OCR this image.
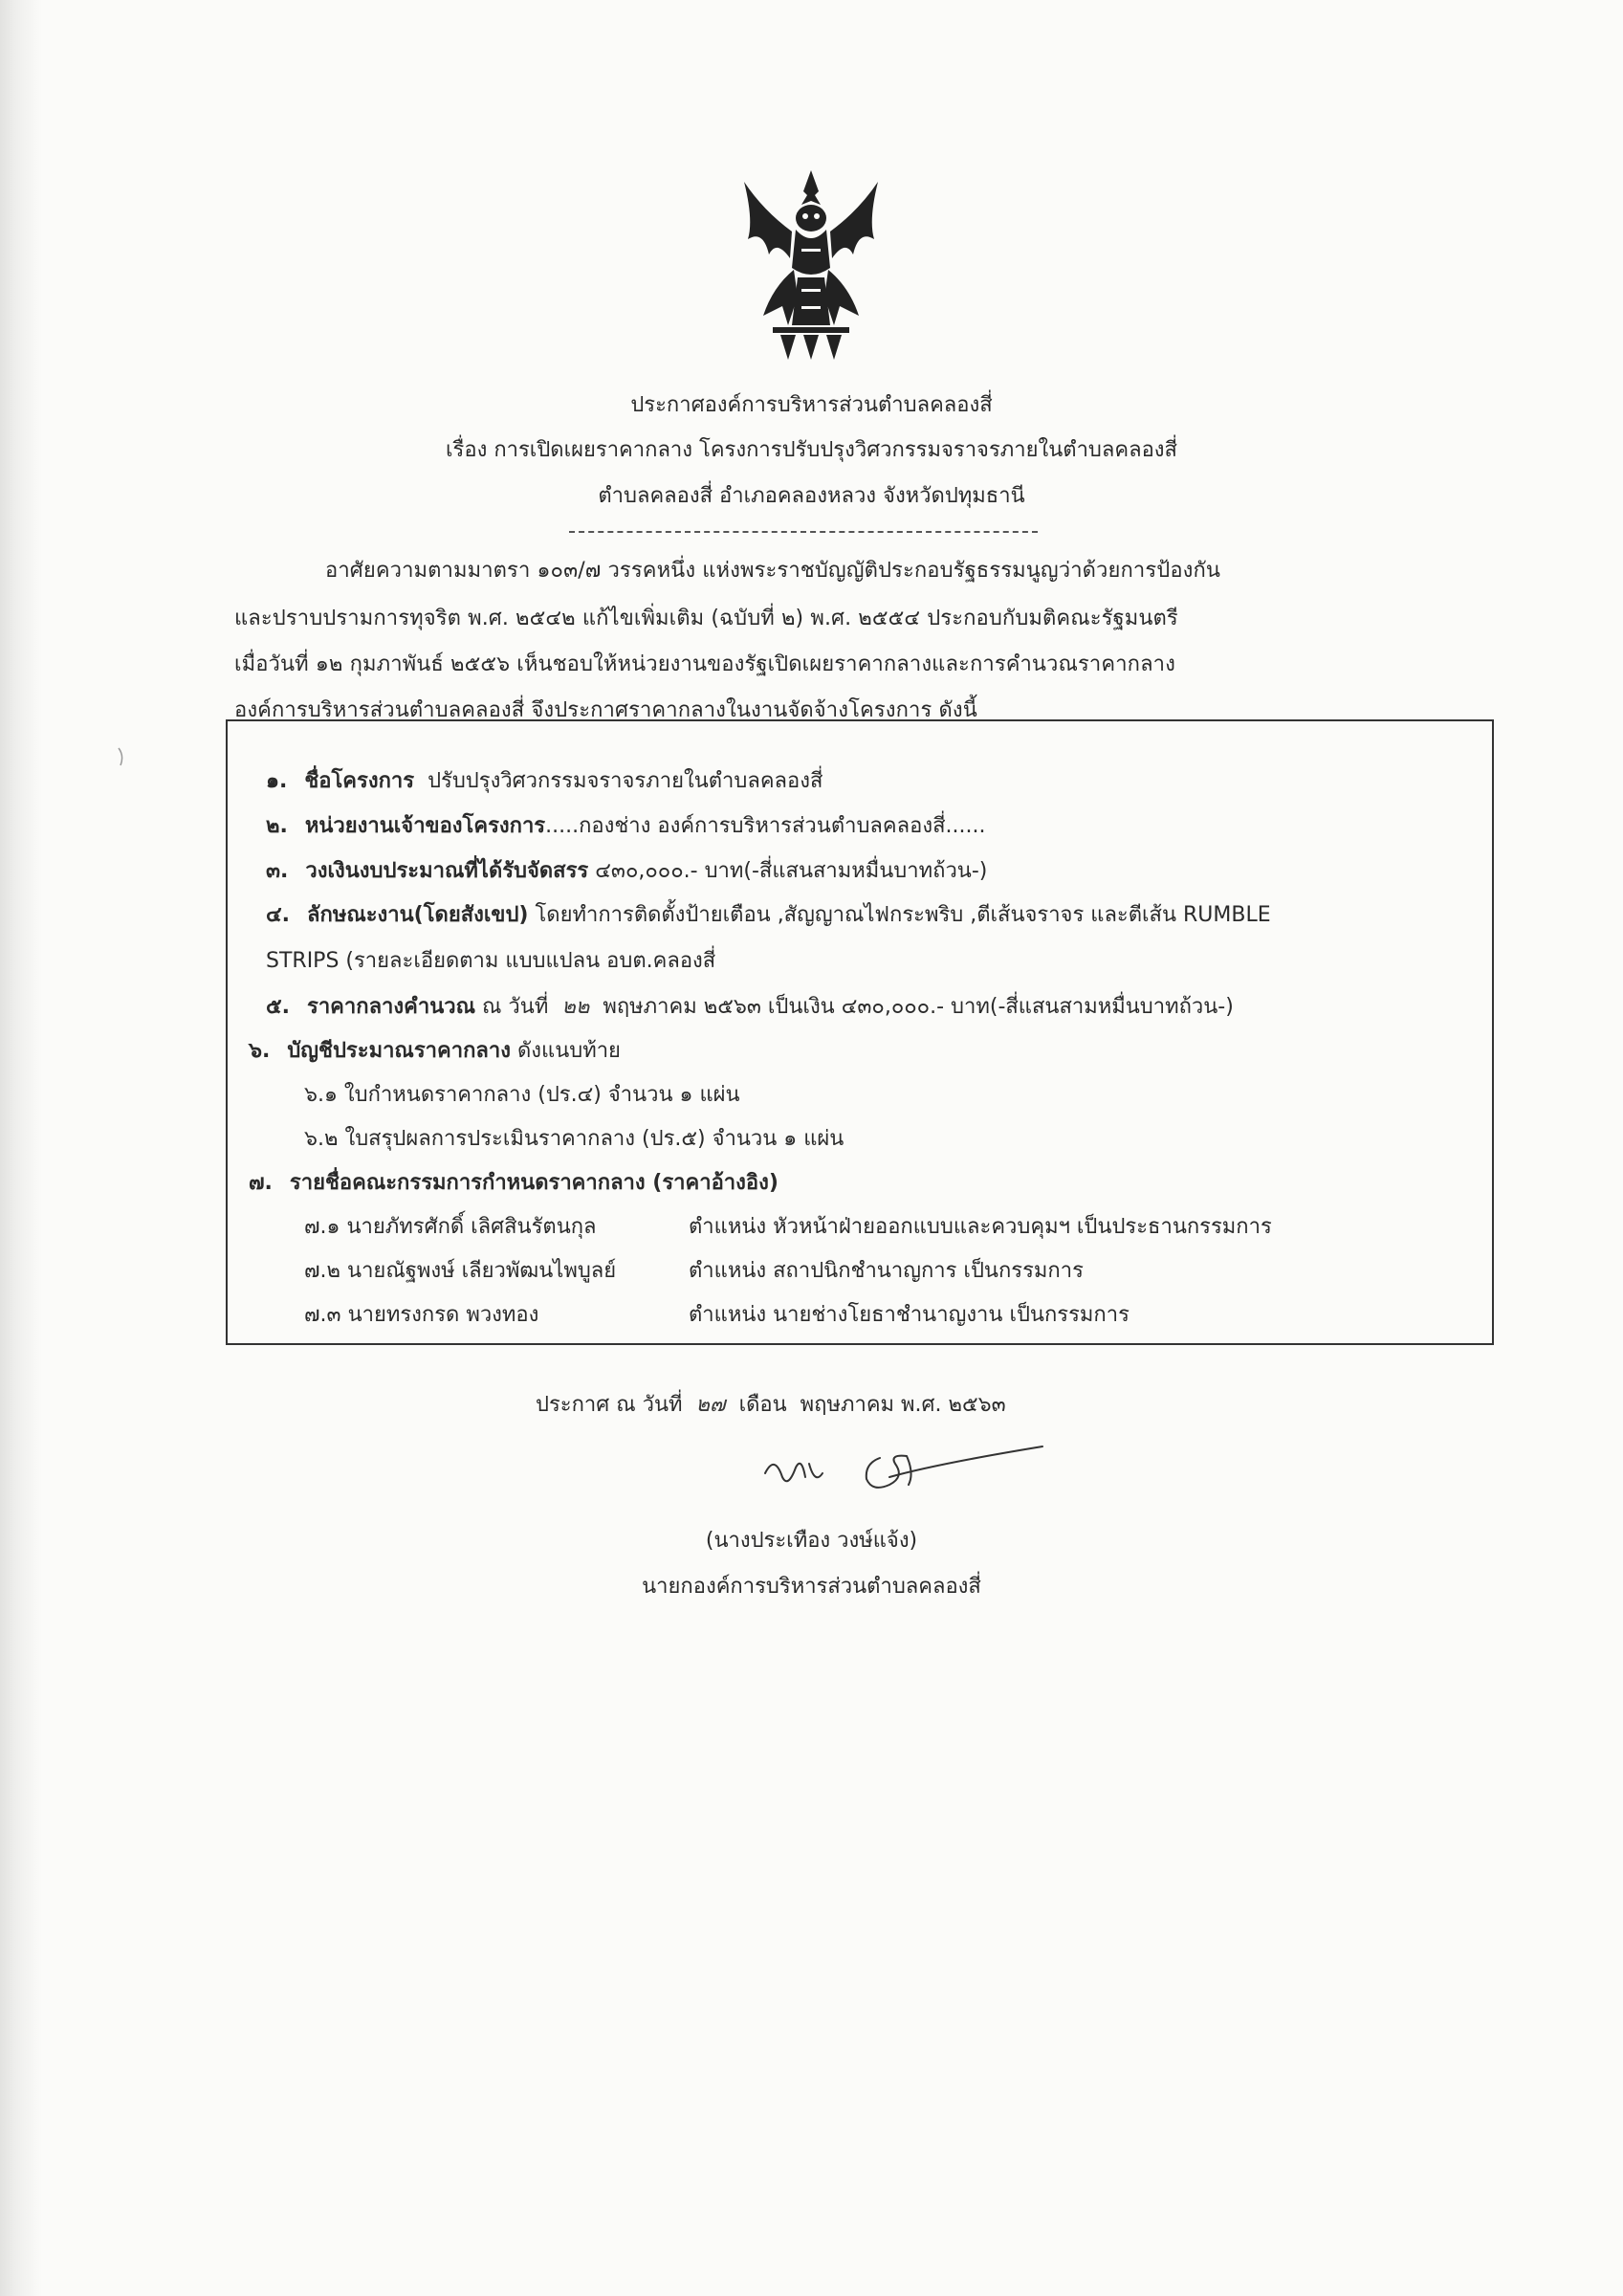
ประกาศองค์การบริหารส่วนตำบลคลองสี่
เรื่อง การเปิดเผยราคากลาง โครงการปรับปรุงวิศวกรรมจราจรภายในตำบลคลองสี่
ตำบลคลองสี่ อำเภอคลองหลวง จังหวัดปทุมธานี
อาศัยความตามมาตรา ๑๐๓/๗ วรรคหนึ่ง แห่งพระราชบัญญัติประกอบรัฐธรรมนูญว่าด้วยการป้องกัน
และปราบปรามการทุจริต พ.ศ. ๒๕๔๒ แก้ไขเพิ่มเติม (ฉบับที่ ๒) พ.ศ. ๒๕๕๔ ประกอบกับมติคณะรัฐมนตรี
เมื่อวันที่ ๑๒ กุมภาพันธ์ ๒๕๕๖ เห็นชอบให้หน่วยงานของรัฐเปิดเผยราคากลางและการคำนวณราคากลาง
องค์การบริหารส่วนตำบลคลองสี่ จึงประกาศราคากลางในงานจัดจ้างโครงการ ดังนี้
๑. ชื่อโครงการ ปรับปรุงวิศวกรรมจราจรภายในตำบลคลองสี่
๒. หน่วยงานเจ้าของโครงการ.....กองช่าง องค์การบริหารส่วนตำบลคลองสี่......
๓. วงเงินงบประมาณที่ได้รับจัดสรร ๔๓๐,๐๐๐.- บาท(-สี่แสนสามหมื่นบาทถ้วน-)
๔. ลักษณะงาน(โดยสังเขป) โดยทำการติดตั้งป้ายเตือน ,สัญญาณไฟกระพริบ ,ตีเส้นจราจร และตีเส้น RUMBLE
STRIPS (รายละเอียดตาม แบบแปลน อบต.คลองสี่
๕. ราคากลางคำนวณ ณ วันที่ ๒๒ พฤษภาคม ๒๕๖๓ เป็นเงิน ๔๓๐,๐๐๐.- บาท(-สี่แสนสามหมื่นบาทถ้วน-)
๖. บัญชีประมาณราคากลาง ดังแนบท้าย
๖.๑ ใบกำหนดราคากลาง (ปร.๔) จำนวน ๑ แผ่น
๖.๒ ใบสรุปผลการประเมินราคากลาง (ปร.๕) จำนวน ๑ แผ่น
๗. รายชื่อคณะกรรมการกำหนดราคากลาง (ราคาอ้างอิง)
๗.๑ นายภัทรศักดิ์ เลิศสินรัตนกุล	ตำแหน่ง หัวหน้าฝ่ายออกแบบและควบคุมฯ เป็นประธานกรรมการ
๗.๒ นายณัฐพงษ์ เลียวพัฒนไพบูลย์	ตำแหน่ง สถาปนิกชำนาญการ เป็นกรรมการ
๗.๓ นายทรงกรด พวงทอง	ตำแหน่ง นายช่างโยธาชำนาญงาน เป็นกรรมการ
ประกาศ ณ วันที่ ๒๗ เดือน พฤษภาคม พ.ศ. ๒๕๖๓
(นางประเทือง วงษ์แจ้ง)
นายกองค์การบริหารส่วนตำบลคลองสี่
